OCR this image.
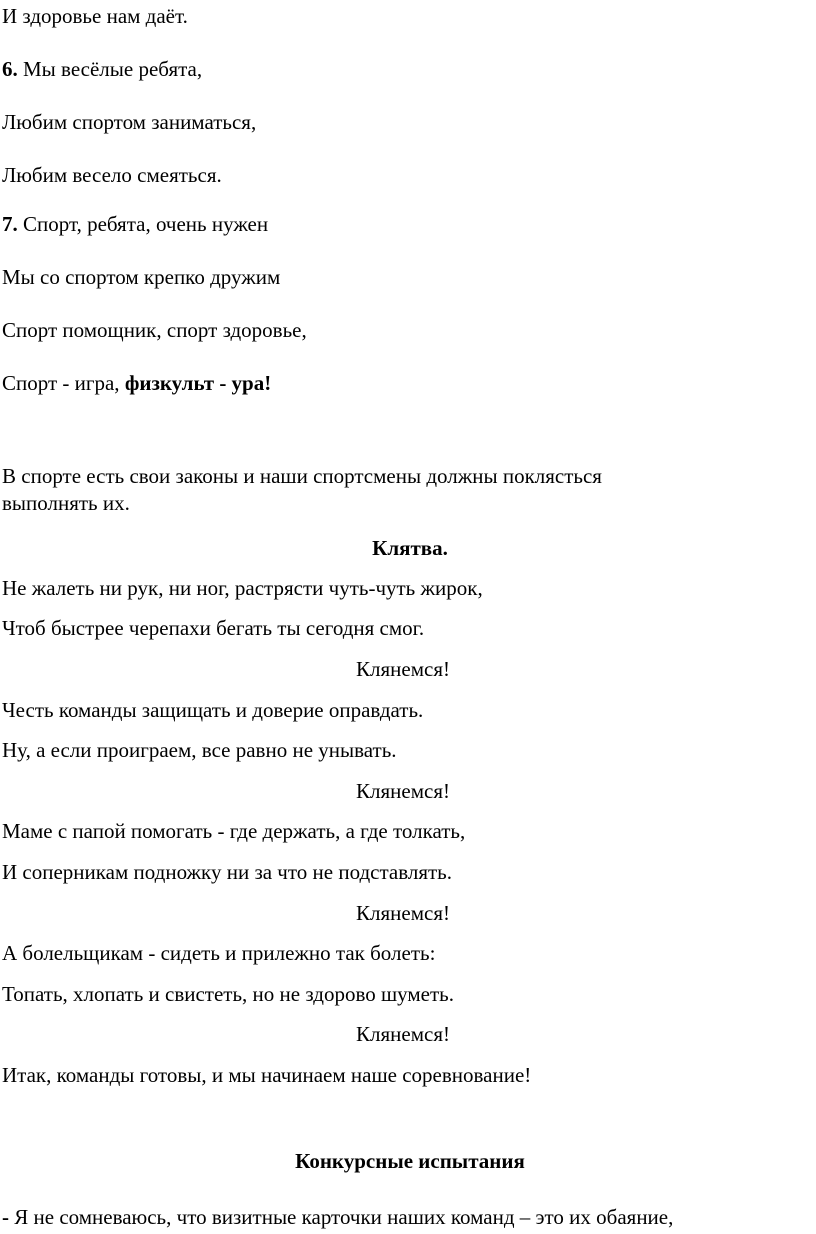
И здоровье нам даёт.
6. Мы весёлые ребята,
Любим спортом заниматься,
Любим весело смеяться.
7. Спорт, ребята, очень нужен
Мы со спортом крепко дружим
Спорт помощник, спорт здоровье,
Спорт - игра, физкульт - ура!
В спорте есть свои законы и наши спортсмены должны поклясться
выполнять их.
Клятва.
Не жалеть ни рук, ни ног, растрясти чуть-чуть жирок,
Чтоб быстрее черепахи бегать ты сегодня смог.
Клянемся!
Честь команды защищать и доверие оправдать.
Ну, а если проиграем, все равно не унывать.
Клянемся!
Маме с папой помогать - где держать, а где толкать,
И соперникам подножку ни за что не подставлять.
Клянемся!
А болельщикам - сидеть и прилежно так болеть:
Топать, хлопать и свистеть, но не здорово шуметь.
Клянемся!
Итак, команды готовы, и мы начинаем наше соревнование!
Конкурсные испытания
- Я не сомневаюсь, что визитные карточки наших команд – это их обаяние,
